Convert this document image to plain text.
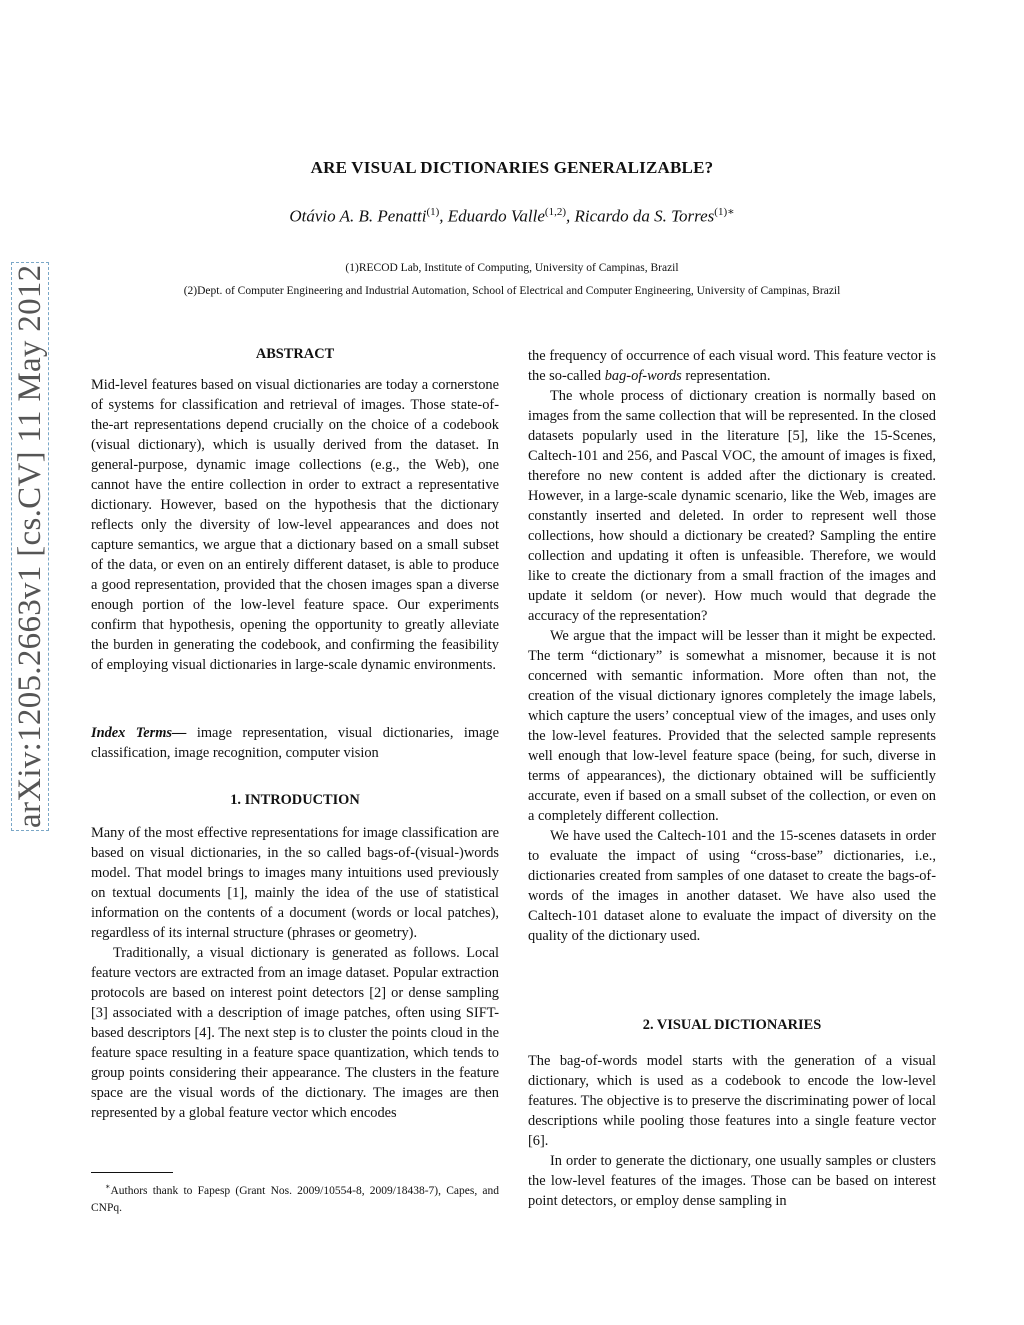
ARE VISUAL DICTIONARIES GENERALIZABLE?
Otávio A. B. Penatti$^{(1)}$, Eduardo Valle$^{(1,2)}$, Ricardo da S. Torres$^{(1)∗}$
(1)RECOD Lab, Institute of Computing, University of Campinas, Brazil
(2)Dept. of Computer Engineering and Industrial Automation, School of Electrical and Computer Engineering, University of Campinas, Brazil
arXiv:1205.2663v1 [cs.CV] 11 May 2012	ABSTRACT

Mid-level features based on visual dictionaries are today a cornerstone of systems for classification and retrieval of images. Those state-of-the-art representations depend crucially on the choice of a codebook (visual dictionary), which is usually derived from the dataset. In general-purpose, dynamic image collections (e.g., the Web), one cannot have the entire collection in order to extract a representative dictionary. However, based on the hypothesis that the dictionary reflects only the diversity of low-level appearances and does not capture semantics, we argue that a dictionary based on a small subset of the data, or even on an entirely different dataset, is able to produce a good representation, provided that the chosen images span a diverse enough portion of the low-level feature space. Our experiments confirm that hypothesis, opening the opportunity to greatly alleviate the burden in generating the codebook, and confirming the feasibility of employing visual dictionaries in large-scale dynamic environments.

Index Terms— image representation, visual dictionaries, image classification, image recognition, computer vision

1. INTRODUCTION

Many of the most effective representations for image classification are based on visual dictionaries, in the so called bags-of-(visual-)words model. That model brings to images many intuitions used previously on textual documents [1], mainly the idea of the use of statistical information on the contents of a document (words or local patches), regardless of its internal structure (phrases or geometry).

Traditionally, a visual dictionary is generated as follows. Local feature vectors are extracted from an image dataset. Popular extraction protocols are based on interest point detectors [2] or dense sampling [3] associated with a description of image patches, often using SIFT-based descriptors [4]. The next step is to cluster the points cloud in the feature space resulting in a feature space quantization, which tends to group points considering their appearance. The clusters in the feature space are the visual words of the dictionary. The images are then represented by a global feature vector which encodes

∗Authors thank to Fapesp (Grant Nos. 2009/10554-8, 2009/18438-7), Capes, and CNPq.

the frequency of occurrence of each visual word. This feature vector is the so-called bag-of-words representation.

The whole process of dictionary creation is normally based on images from the same collection that will be represented. In the closed datasets popularly used in the literature [5], like the 15-Scenes, Caltech-101 and 256, and Pascal VOC, the amount of images is fixed, therefore no new content is added after the dictionary is created. However, in a large-scale dynamic scenario, like the Web, images are constantly inserted and deleted. In order to represent well those collections, how should a dictionary be created? Sampling the entire collection and updating it often is unfeasible. Therefore, we would like to create the dictionary from a small fraction of the images and update it seldom (or never). How much would that degrade the accuracy of the representation?

We argue that the impact will be lesser than it might be expected. The term “dictionary” is somewhat a misnomer, because it is not concerned with semantic information. More often than not, the creation of the visual dictionary ignores completely the image labels, which capture the users’ conceptual view of the images, and uses only the low-level features. Provided that the selected sample represents well enough that low-level feature space (being, for such, diverse in terms of appearances), the dictionary obtained will be sufficiently accurate, even if based on a small subset of the collection, or even on a completely different collection.

We have used the Caltech-101 and the 15-scenes datasets in order to evaluate the impact of using “cross-base” dictionaries, i.e., dictionaries created from samples of one dataset to create the bags-of-words of the images in another dataset. We have also used the Caltech-101 dataset alone to evaluate the impact of diversity on the quality of the dictionary used.

2. VISUAL DICTIONARIES

The bag-of-words model starts with the generation of a visual dictionary, which is used as a codebook to encode the low-level features. The objective is to preserve the discriminating power of local descriptions while pooling those features into a single feature vector [6].

In order to generate the dictionary, one usually samples or clusters the low-level features of the images. Those can be based on interest point detectors, or employ dense sampling in
